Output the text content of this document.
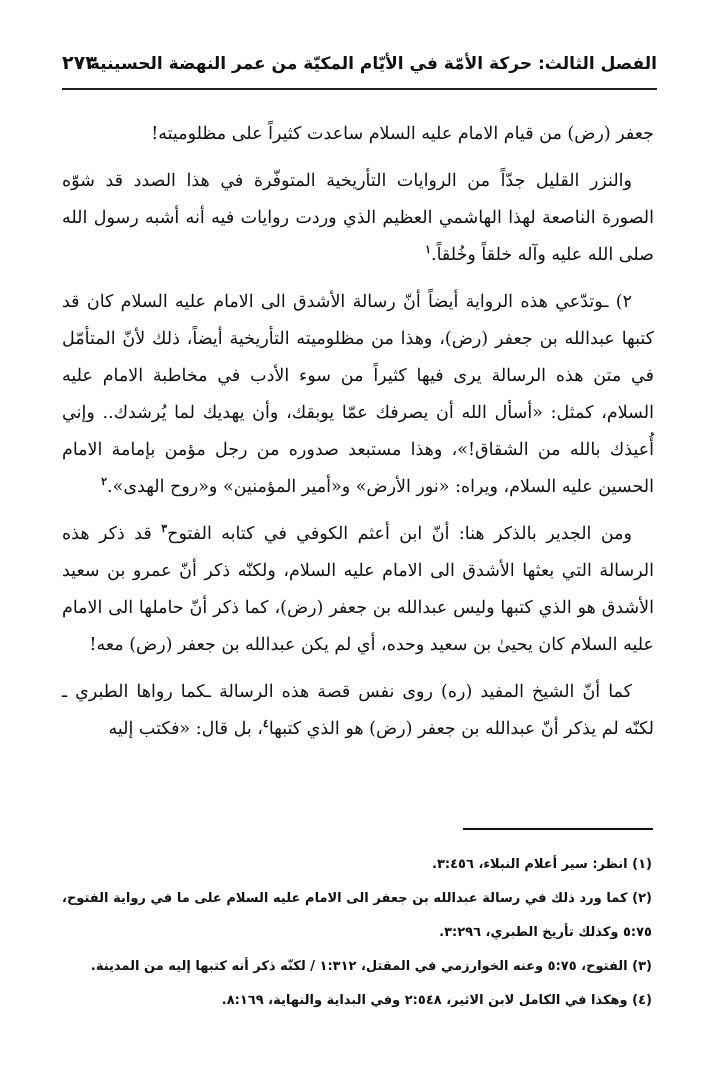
الفصل الثالث: حركة الأمّة في الأيّام المكيّة من عمر النهضة الحسينية
٢٧٣

جعفر (رض) من قيام الامام عليه السلام ساعدت كثيراً على مظلوميته!

والنزر القليل جدّاً من الروايات التأريخية المتوفّرة في هذا الصدد قد شوّه الصورة الناصعة لهذا الهاشمي العظيم الذي وردت روايات فيه أنه أشبه رسول الله صلى الله عليه وآله خلقاً وخُلقاً.$^١$

٢) ـوتدّعي هذه الرواية أيضاً أنّ رسالة الأشدق الى الامام عليه السلام كان قد كتبها عبدالله بن جعفر (رض)، وهذا من مظلوميته التأريخية أيضاً، ذلك لأنّ المتأمّل في متن هذه الرسالة يرى فيها كثيراً من سوء الأدب في مخاطبة الامام عليه السلام، كمثل: «أسأل الله أن يصرفك عمّا يوبقك، وأن يهديك لما يُرشدك.. وإني أُعيذك بالله من الشقاق!»، وهذا مستبعد صدوره من رجل مؤمن بإمامة الامام الحسين عليه السلام، ويراه: «نور الأرض» و«أمير المؤمنين» و«روح الهدى».$^٢$

ومن الجدير بالذكر هنا: أنّ ابن أعثم الكوفي في كتابه الفتوح$^٣$ قد ذكر هذه الرسالة التي بعثها الأشدق الى الامام عليه السلام، ولكنّه ذكر أنّ عمرو بن سعيد الأشدق هو الذي كتبها وليس عبدالله بن جعفر (رض)، كما ذكر أنّ حاملها الى الامام عليه السلام كان يحيىٰ بن سعيد وحده، أي لم يكن عبدالله بن جعفر (رض) معه!

كما أنّ الشيخ المفيد (ره) روى نفس قصة هذه الرسالة ـكما رواها الطبري ـ لكنّه لم يذكر أنّ عبدالله بن جعفر (رض) هو الذي كتبها$^٤$، بل قال: «فكتب إليه

(١) انظر: سير أعلام النبلاء، ٣:٤٥٦.

(٢) كما ورد ذلك في رسالة عبدالله بن جعفر الى الامام عليه السلام على ما في رواية الفتوح، ٥:٧٥ وكذلك تأريخ الطبري، ٣:٢٩٦.

(٣) الفتوح، ٥:٧٥ وعنه الخوارزمي في المقتل، ١:٣١٢ / لكنّه ذكر أنه كتبها إليه من المدينة.

(٤) وهكذا في الكامل لابن الاثير، ٢:٥٤٨ وفي البداية والنهاية، ٨:١٦٩.
